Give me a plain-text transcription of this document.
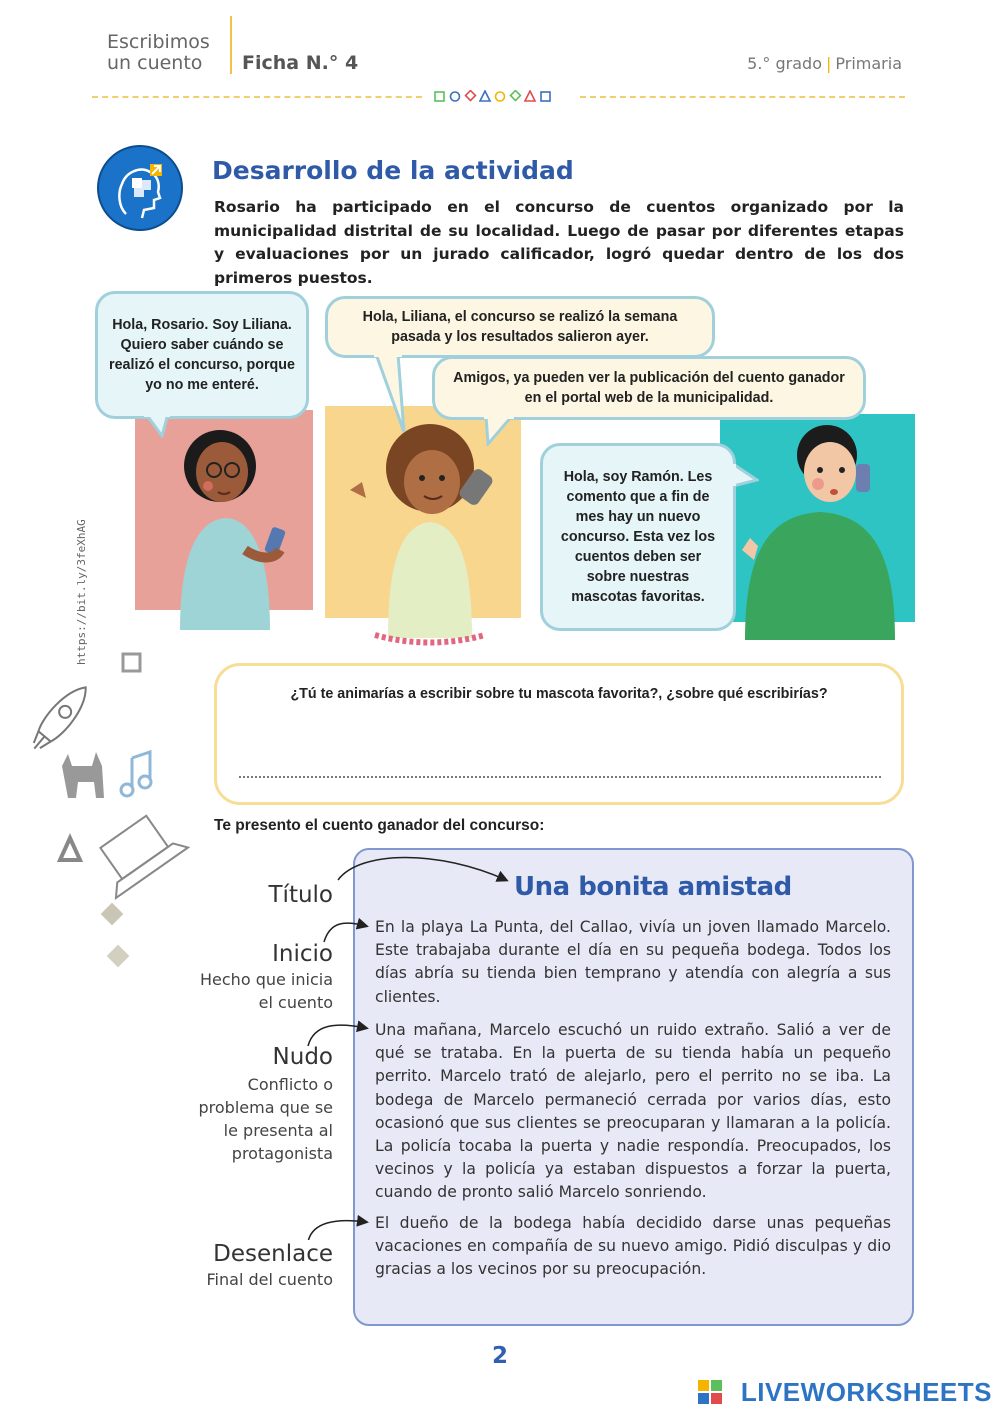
Escribimos un cuento	Ficha N.° 4	5.° grado | Primaria
Desarrollo de la actividad
Rosario ha participado en el concurso de cuentos organizado por la municipalidad distrital de su localidad. Luego de pasar por diferentes etapas y evaluaciones por un jurado calificador, logró quedar dentro de los dos primeros puestos.
Hola, Rosario. Soy Liliana. Quiero saber cuándo se realizó el concurso, porque yo no me enteré.
Hola, Liliana, el concurso se realizó la semana pasada y los resultados salieron ayer.
Amigos, ya pueden ver la publicación del cuento ganador en el portal web de la municipalidad.
Hola, soy Ramón. Les comento que a fin de mes hay un nuevo concurso. Esta vez los cuentos deben ser sobre nuestras mascotas favoritas.
https://bit.ly/3feXhAG
¿Tú te animarías a escribir sobre tu mascota favorita?, ¿sobre qué escribirías?
Te presento el cuento ganador del concurso:
Una bonita amistad
En la playa La Punta, del Callao, vivía un joven llamado Marcelo. Este trabajaba durante el día en su pequeña bodega. Todos los días abría su tienda bien temprano y atendía con alegría a sus clientes.
Una mañana, Marcelo escuchó un ruido extraño. Salió a ver de qué se trataba. En la puerta de su tienda había un pequeño perrito. Marcelo trató de alejarlo, pero el perrito no se iba. La bodega de Marcelo permaneció cerrada por varios días, esto ocasionó que sus clientes se preocuparan y llamaran a la policía. La policía tocaba la puerta y nadie respondía. Preocupados, los vecinos y la policía ya estaban dispuestos a forzar la puerta, cuando de pronto salió Marcelo sonriendo.
El dueño de la bodega había decidido darse unas pequeñas vacaciones en compañía de su nuevo amigo. Pidió disculpas y dio gracias a los vecinos por su preocupación.
Título
Inicio
Hecho que inicia el cuento
Nudo
Conflicto o problema que se le presenta al protagonista
Desenlace
Final del cuento
2
LIVEWORKSHEETS
